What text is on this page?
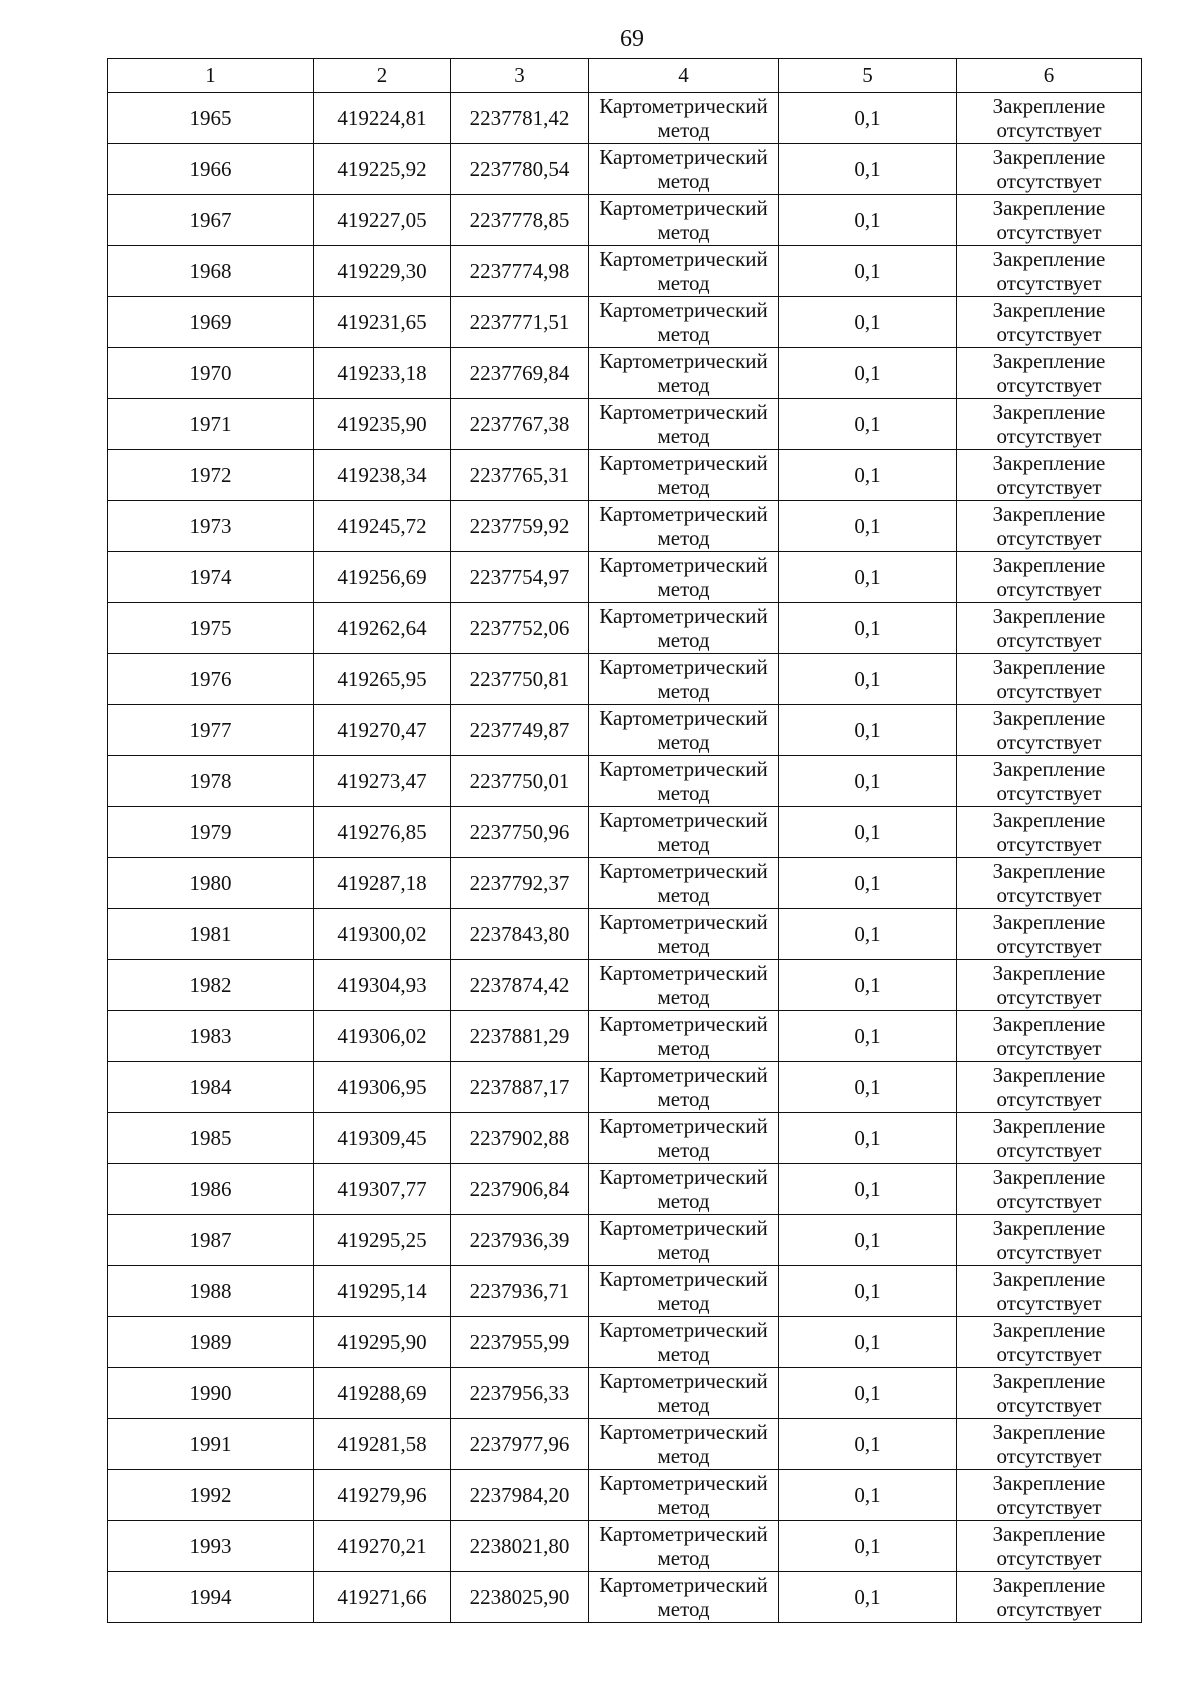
69
1	2	3	4	5	6
1965	419224,81	2237781,42	Картометрический
метод	0,1	Закрепление
отсутствует

1966	419225,92	2237780,54	Картометрический
метод	0,1	Закрепление
отсутствует

1967	419227,05	2237778,85	Картометрический
метод	0,1	Закрепление
отсутствует

1968	419229,30	2237774,98	Картометрический
метод	0,1	Закрепление
отсутствует

1969	419231,65	2237771,51	Картометрический
метод	0,1	Закрепление
отсутствует

1970	419233,18	2237769,84	Картометрический
метод	0,1	Закрепление
отсутствует

1971	419235,90	2237767,38	Картометрический
метод	0,1	Закрепление
отсутствует

1972	419238,34	2237765,31	Картометрический
метод	0,1	Закрепление
отсутствует

1973	419245,72	2237759,92	Картометрический
метод	0,1	Закрепление
отсутствует

1974	419256,69	2237754,97	Картометрический
метод	0,1	Закрепление
отсутствует

1975	419262,64	2237752,06	Картометрический
метод	0,1	Закрепление
отсутствует

1976	419265,95	2237750,81	Картометрический
метод	0,1	Закрепление
отсутствует

1977	419270,47	2237749,87	Картометрический
метод	0,1	Закрепление
отсутствует

1978	419273,47	2237750,01	Картометрический
метод	0,1	Закрепление
отсутствует

1979	419276,85	2237750,96	Картометрический
метод	0,1	Закрепление
отсутствует

1980	419287,18	2237792,37	Картометрический
метод	0,1	Закрепление
отсутствует

1981	419300,02	2237843,80	Картометрический
метод	0,1	Закрепление
отсутствует

1982	419304,93	2237874,42	Картометрический
метод	0,1	Закрепление
отсутствует

1983	419306,02	2237881,29	Картометрический
метод	0,1	Закрепление
отсутствует

1984	419306,95	2237887,17	Картометрический
метод	0,1	Закрепление
отсутствует

1985	419309,45	2237902,88	Картометрический
метод	0,1	Закрепление
отсутствует

1986	419307,77	2237906,84	Картометрический
метод	0,1	Закрепление
отсутствует

1987	419295,25	2237936,39	Картометрический
метод	0,1	Закрепление
отсутствует

1988	419295,14	2237936,71	Картометрический
метод	0,1	Закрепление
отсутствует

1989	419295,90	2237955,99	Картометрический
метод	0,1	Закрепление
отсутствует

1990	419288,69	2237956,33	Картометрический
метод	0,1	Закрепление
отсутствует

1991	419281,58	2237977,96	Картометрический
метод	0,1	Закрепление
отсутствует

1992	419279,96	2237984,20	Картометрический
метод	0,1	Закрепление
отсутствует

1993	419270,21	2238021,80	Картометрический
метод	0,1	Закрепление
отсутствует

1994	419271,66	2238025,90	Картометрический
метод	0,1	Закрепление
отсутствует
